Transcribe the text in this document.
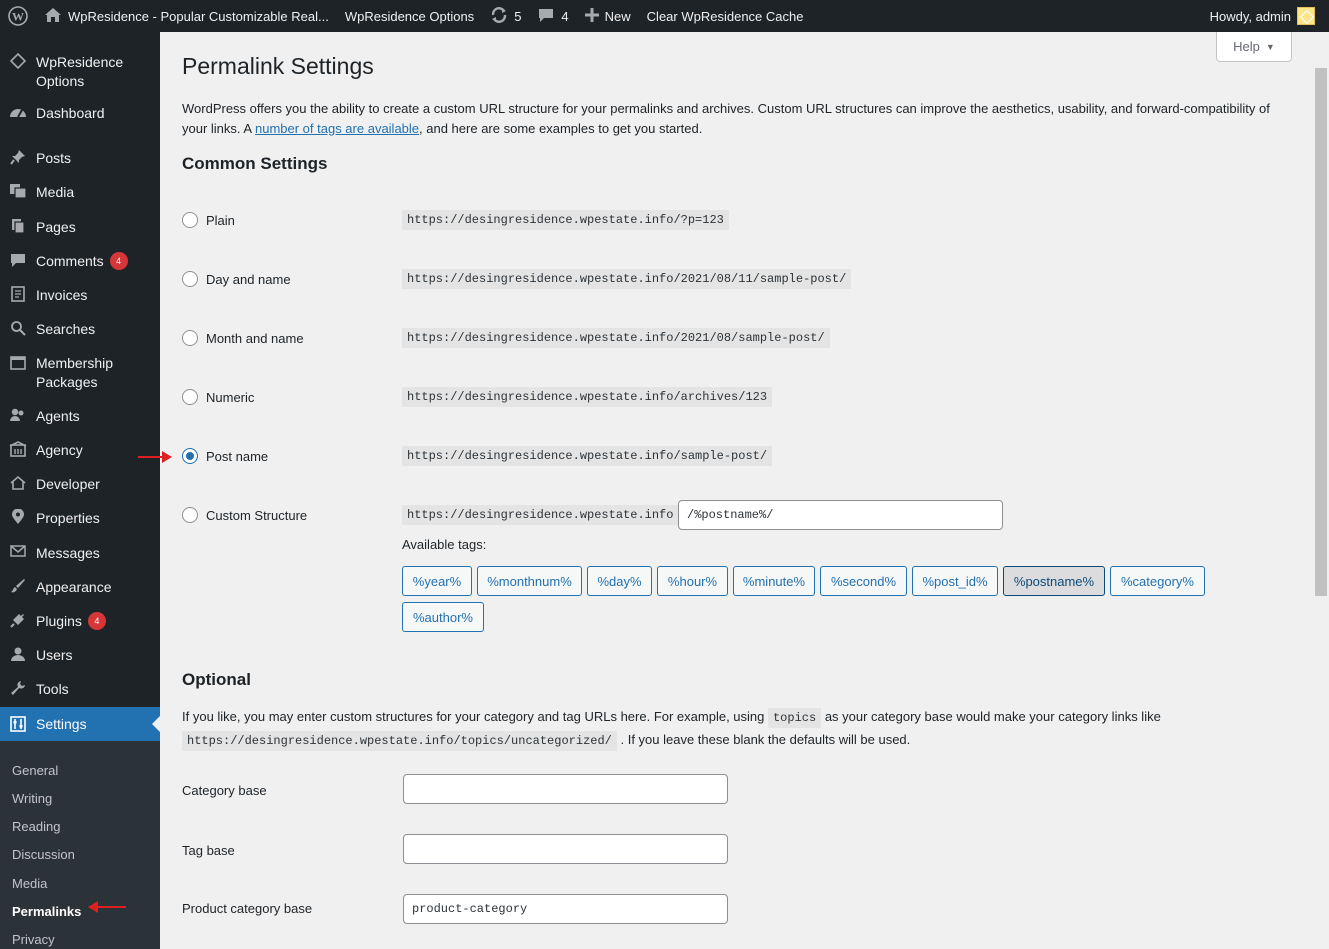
W	WpResidence - Popular Customizable Real... WpResidence Options	5	4	New Clear WpResidence Cache	Howdy, admin
WpResidence Options
Dashboard
Posts
Media
Pages
Comments 4
Invoices
Searches
Membership Packages
Agents
Agency
Developer
Properties
Messages
Appearance
Plugins 4
Users
Tools
Settings
General
Writing
Reading
Discussion
Media
Permalinks
Privacy
Help ▼
Permalink Settings

WordPress offers you the ability to create a custom URL structure for your permalinks and archives. Custom URL structures can improve the aesthetics, usability, and forward-compatibility of your links. A number of tags are available, and here are some examples to get you started.

Common Settings
Plain	https://desingresidence.wpestate.info/?p=123
Day and name	https://desingresidence.wpestate.info/2021/08/11/sample-post/
Month and name	https://desingresidence.wpestate.info/2021/08/sample-post/
Numeric	https://desingresidence.wpestate.info/archives/123
Post name	https://desingresidence.wpestate.info/sample-post/
Custom Structure	https://desingresidence.wpestate.info	/%postname%/
Available tags:
%year%	%monthnum%	%day%	%hour%	%minute%	%second%	%post_id%	%postname%	%category%
%author%
Optional

If you like, you may enter custom structures for your category and tag URLs here. For example, using topics as your category base would make your category links like
https://desingresidence.wpestate.info/topics/uncategorized/ . If you leave these blank the defaults will be used.

Category base
Tag base
Product category base	product-category
